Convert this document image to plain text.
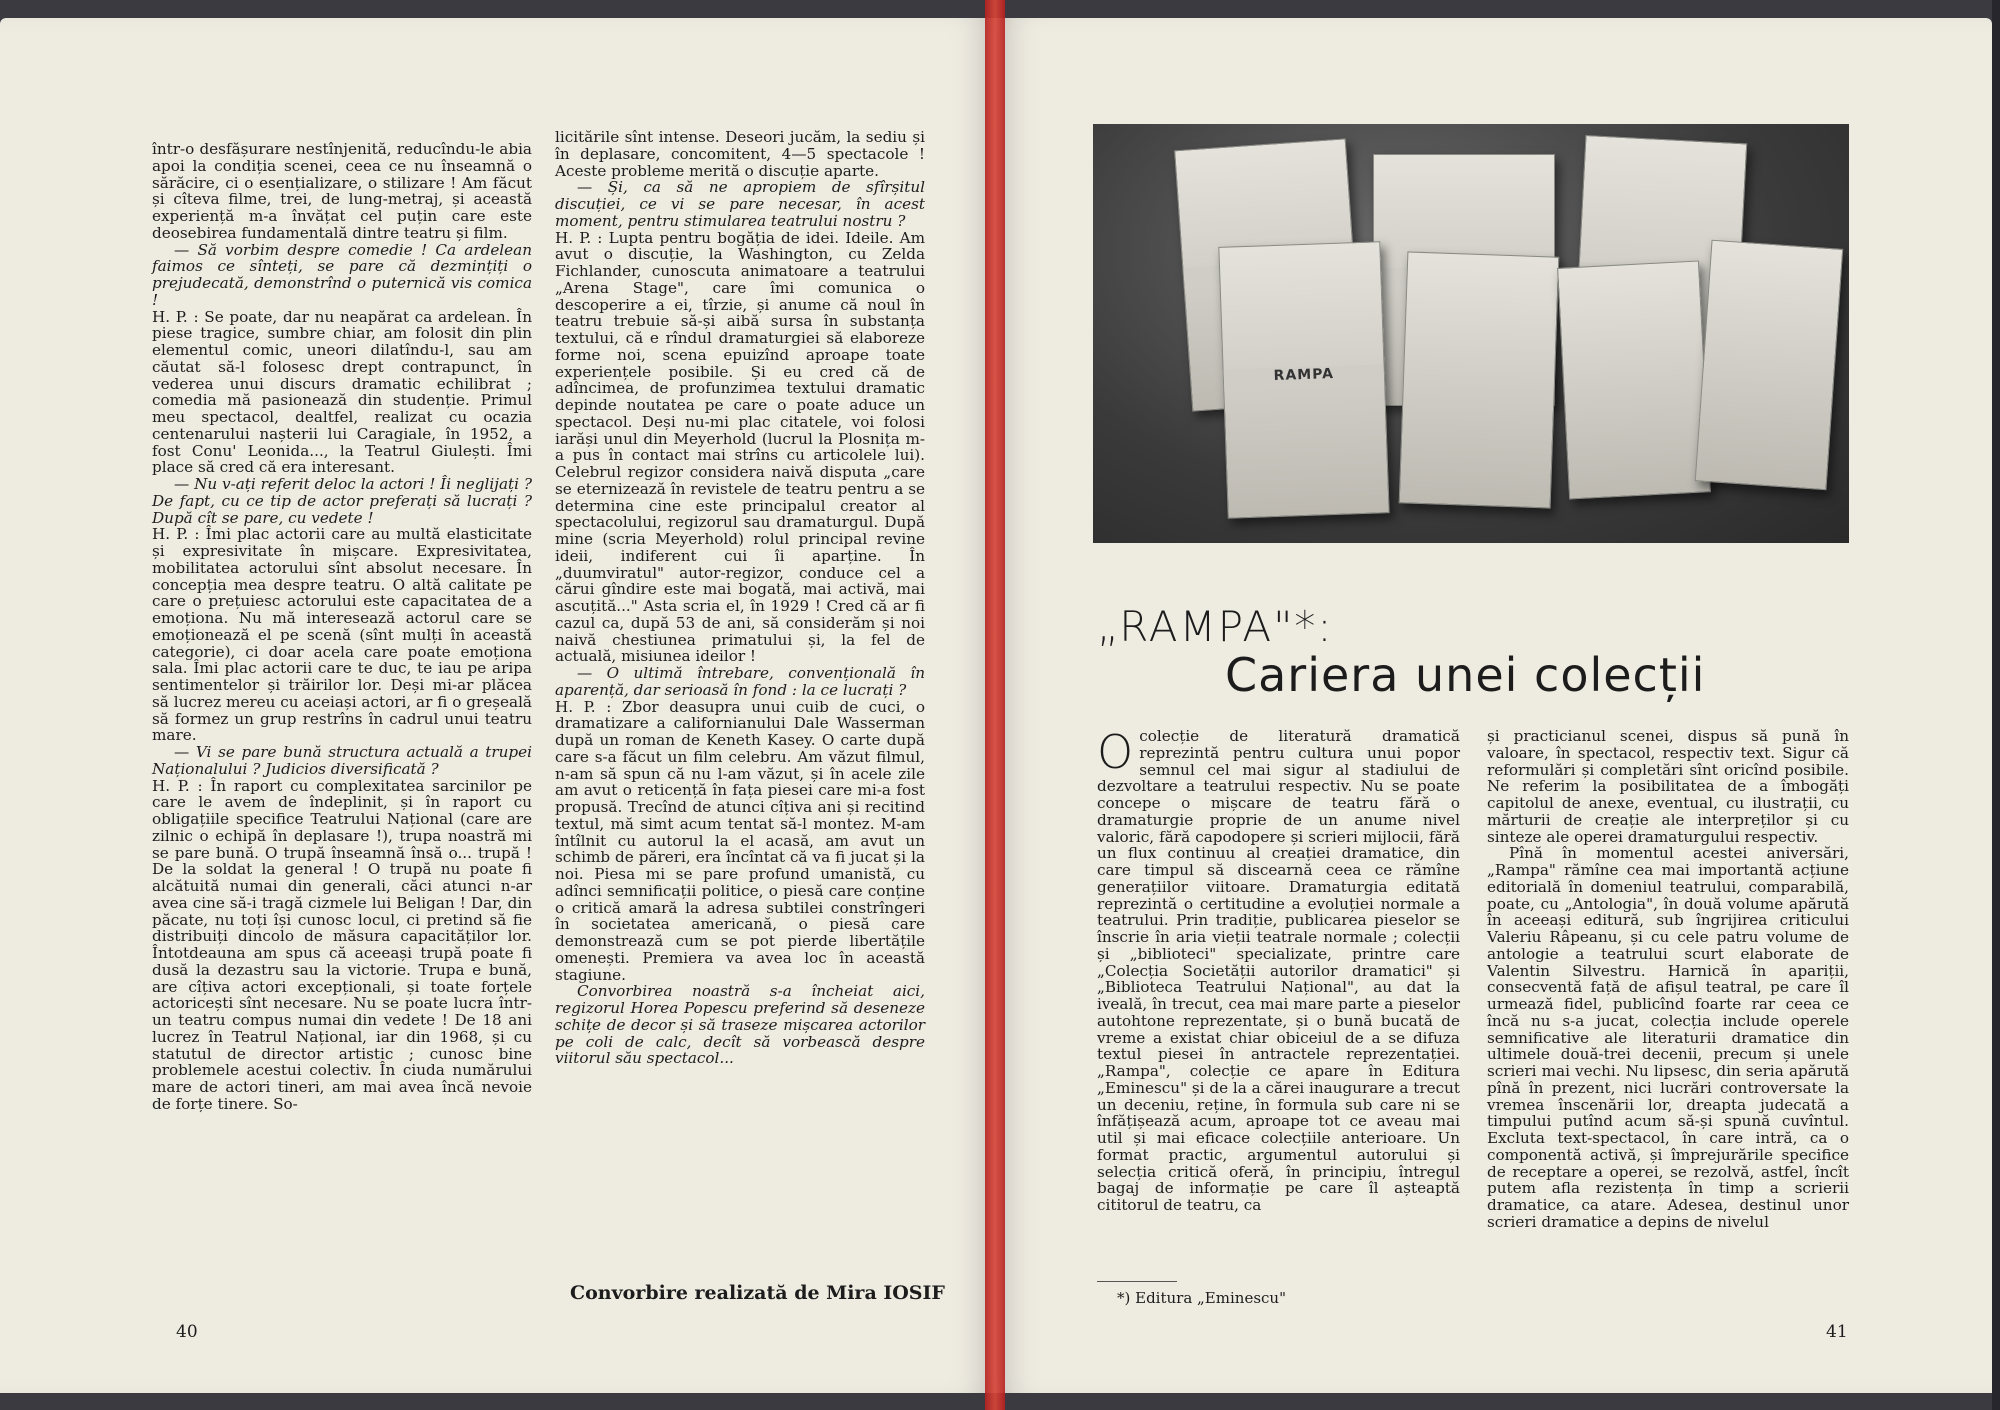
într-o desfășurare nestînjenită, reducîndu-le abia apoi la condiția scenei, ceea ce nu înseamnă o sărăcire, ci o esențializare, o stilizare ! Am făcut și cîteva filme, trei, de lung-metraj, și această experiență m-a învățat cel puțin care este deosebirea fundamentală dintre teatru și film.

— Să vorbim despre comedie ! Ca ardelean faimos ce sînteți, se pare că dezmințiți o prejudecată, demonstrînd o puternică vis comica !

H. P. : Se poate, dar nu neapărat ca ardelean. În piese tragice, sumbre chiar, am folosit din plin elementul comic, uneori dilatîndu-l, sau am căutat să-l folosesc drept contrapunct, în vederea unui discurs dramatic echilibrat ; comedia mă pasionează din studenție. Primul meu spectacol, dealtfel, realizat cu ocazia centenarului nașterii lui Caragiale, în 1952, a fost Conu' Leonida..., la Teatrul Giulești. Îmi place să cred că era interesant.

— Nu v-ați referit deloc la actori ! Îi neglijați ? De fapt, cu ce tip de actor preferați să lucrați ? După cît se pare, cu vedete !

H. P. : Îmi plac actorii care au multă elasticitate și expresivitate în mișcare. Expresivitatea, mobilitatea actorului sînt absolut necesare. În concepția mea despre teatru. O altă calitate pe care o prețuiesc actorului este capacitatea de a emoționa. Nu mă interesează actorul care se emoționează el pe scenă (sînt mulți în această categorie), ci doar acela care poate emoționa sala. Îmi plac actorii care te duc, te iau pe aripa sentimentelor și trăirilor lor. Deși mi-ar plăcea să lucrez mereu cu aceiași actori, ar fi o greșeală să formez un grup restrîns în cadrul unui teatru mare.

— Vi se pare bună structura actuală a trupei Naționalului ? Judicios diversificată ?

H. P. : În raport cu complexitatea sarcinilor pe care le avem de îndeplinit, și în raport cu obligațiile specifice Teatrului Național (care are zilnic o echipă în deplasare !), trupa noastră mi se pare bună. O trupă înseamnă însă o... trupă ! De la soldat la general ! O trupă nu poate fi alcătuită numai din generali, căci atunci n-ar avea cine să-i tragă cizmele lui Beligan ! Dar, din păcate, nu toți își cunosc locul, ci pretind să fie distribuiți dincolo de măsura capacităților lor. Întotdeauna am spus că aceeași trupă poate fi dusă la dezastru sau la victorie. Trupa e bună, are cîțiva actori excepționali, și toate forțele actoricești sînt necesare. Nu se poate lucra într-un teatru compus numai din vedete ! De 18 ani lucrez în Teatrul Național, iar din 1968, și cu statutul de director artistic ; cunosc bine problemele acestui colectiv. În ciuda numărului mare de actori tineri, am mai avea încă nevoie de forțe tinere. So-

licitările sînt intense. Deseori jucăm, la sediu și în deplasare, concomitent, 4—5 spectacole ! Aceste probleme merită o discuție aparte.

— Și, ca să ne apropiem de sfîrșitul discuției, ce vi se pare necesar, în acest moment, pentru stimularea teatrului nostru ?

H. P. : Lupta pentru bogăția de idei. Ideile. Am avut o discuție, la Washington, cu Zelda Fichlander, cunoscuta animatoare a teatrului „Arena Stage", care îmi comunica o descoperire a ei, tîrzie, și anume că noul în teatru trebuie să-și aibă sursa în substanța textului, că e rîndul dramaturgiei să elaboreze forme noi, scena epuizînd aproape toate experiențele posibile. Și eu cred că de adîncimea, de profunzimea textului dramatic depinde noutatea pe care o poate aduce un spectacol. Deși nu-mi plac citatele, voi folosi iarăși unul din Meyerhold (lucrul la Plosnița m-a pus în contact mai strîns cu articolele lui). Celebrul regizor considera naivă disputa „care se eternizează în revistele de teatru pentru a se determina cine este principalul creator al spectacolului, regizorul sau dramaturgul. După mine (scria Meyerhold) rolul principal revine ideii, indiferent cui îi aparține. În „duumviratul" autor-regizor, conduce cel a cărui gîndire este mai bogată, mai activă, mai ascuțită..." Asta scria el, în 1929 ! Cred că ar fi cazul ca, după 53 de ani, să considerăm și noi naivă chestiunea primatului și, la fel de actuală, misiunea ideilor !

— O ultimă întrebare, convențională în aparență, dar serioasă în fond : la ce lucrați ?

H. P. : Zbor deasupra unui cuib de cuci, o dramatizare a californianului Dale Wasserman după un roman de Keneth Kasey. O carte după care s-a făcut un film celebru. Am văzut filmul, n-am să spun că nu l-am văzut, și în acele zile am avut o reticență în fața piesei care mi-a fost propusă. Trecînd de atunci cîțiva ani și recitind textul, mă simt acum tentat să-l montez. M-am întîlnit cu autorul la el acasă, am avut un schimb de păreri, era încîntat că va fi jucat și la noi. Piesa mi se pare profund umanistă, cu adînci semnificații politice, o piesă care conține o critică amară la adresa subtilei constrîngeri în societatea americană, o piesă care demonstrează cum se pot pierde libertățile omenești. Premiera va avea loc în această stagiune.

Convorbirea noastră s-a încheiat aici, regizorul Horea Popescu preferind să deseneze schițe de decor și să traseze mișcarea actorilor pe coli de calc, decît să vorbească despre viitorul său spectacol...

Convorbire realizată de Mira IOSIF
40	41
RAMPA
„RAMPA"*:
Cariera unei colecții
O colecție de literatură dramatică reprezintă pentru cultura unui popor semnul cel mai sigur al stadiului de dezvoltare a teatrului respectiv. Nu se poate concepe o mișcare de teatru fără o dramaturgie proprie de un anume nivel valoric, fără capodopere și scrieri mijlocii, fără un flux continuu al creației dramatice, din care timpul să discearnă ceea ce rămîne generațiilor viitoare. Dramaturgia editată reprezintă o certitudine a evoluției normale a teatrului. Prin tradiție, publicarea pieselor se înscrie în aria vieții teatrale normale ; colecții și „biblioteci" specializate, printre care „Colecția Societății autorilor dramatici" și „Biblioteca Teatrului Național", au dat la iveală, în trecut, cea mai mare parte a pieselor autohtone reprezentate, și o bună bucată de vreme a existat chiar obiceiul de a se difuza textul piesei în antractele reprezentației. „Rampa", colecție ce apare în Editura „Eminescu" și de la a cărei inaugurare a trecut un deceniu, reține, în formula sub care ni se înfățișează acum, aproape tot ce aveau mai util și mai eficace colecțiile anterioare. Un format practic, argumentul autorului și selecția critică oferă, în principiu, întregul bagaj de informație pe care îl așteaptă cititorul de teatru, ca

și practicianul scenei, dispus să pună în valoare, în spectacol, respectiv text. Sigur că reformulări și completări sînt oricînd posibile. Ne referim la posibilitatea de a îmbogăți capitolul de anexe, eventual, cu ilustrații, cu mărturii de creație ale interpreților și cu sinteze ale operei dramaturgului respectiv.

Pînă în momentul acestei aniversări, „Rampa" rămîne cea mai importantă acțiune editorială în domeniul teatrului, comparabilă, poate, cu „Antologia", în două volume apărută în aceeași editură, sub îngrijirea criticului Valeriu Râpeanu, și cu cele patru volume de antologie a teatrului scurt elaborate de Valentin Silvestru. Harnică în apariții, consecventă față de afișul teatral, pe care îl urmează fidel, publicînd foarte rar ceea ce încă nu s-a jucat, colecția include operele semnificative ale literaturii dramatice din ultimele două-trei decenii, precum și unele scrieri mai vechi. Nu lipsesc, din seria apărută pînă în prezent, nici lucrări controversate la vremea înscenării lor, dreapta judecată a timpului putînd acum să-și spună cuvîntul. Excluta text-spectacol, în care intră, ca o componentă activă, și împrejurările specifice de receptare a operei, se rezolvă, astfel, încît putem afla rezistența în timp a scrierii dramatice, ca atare. Adesea, destinul unor scrieri dramatice a depins de nivelul

*) Editura „Eminescu"
